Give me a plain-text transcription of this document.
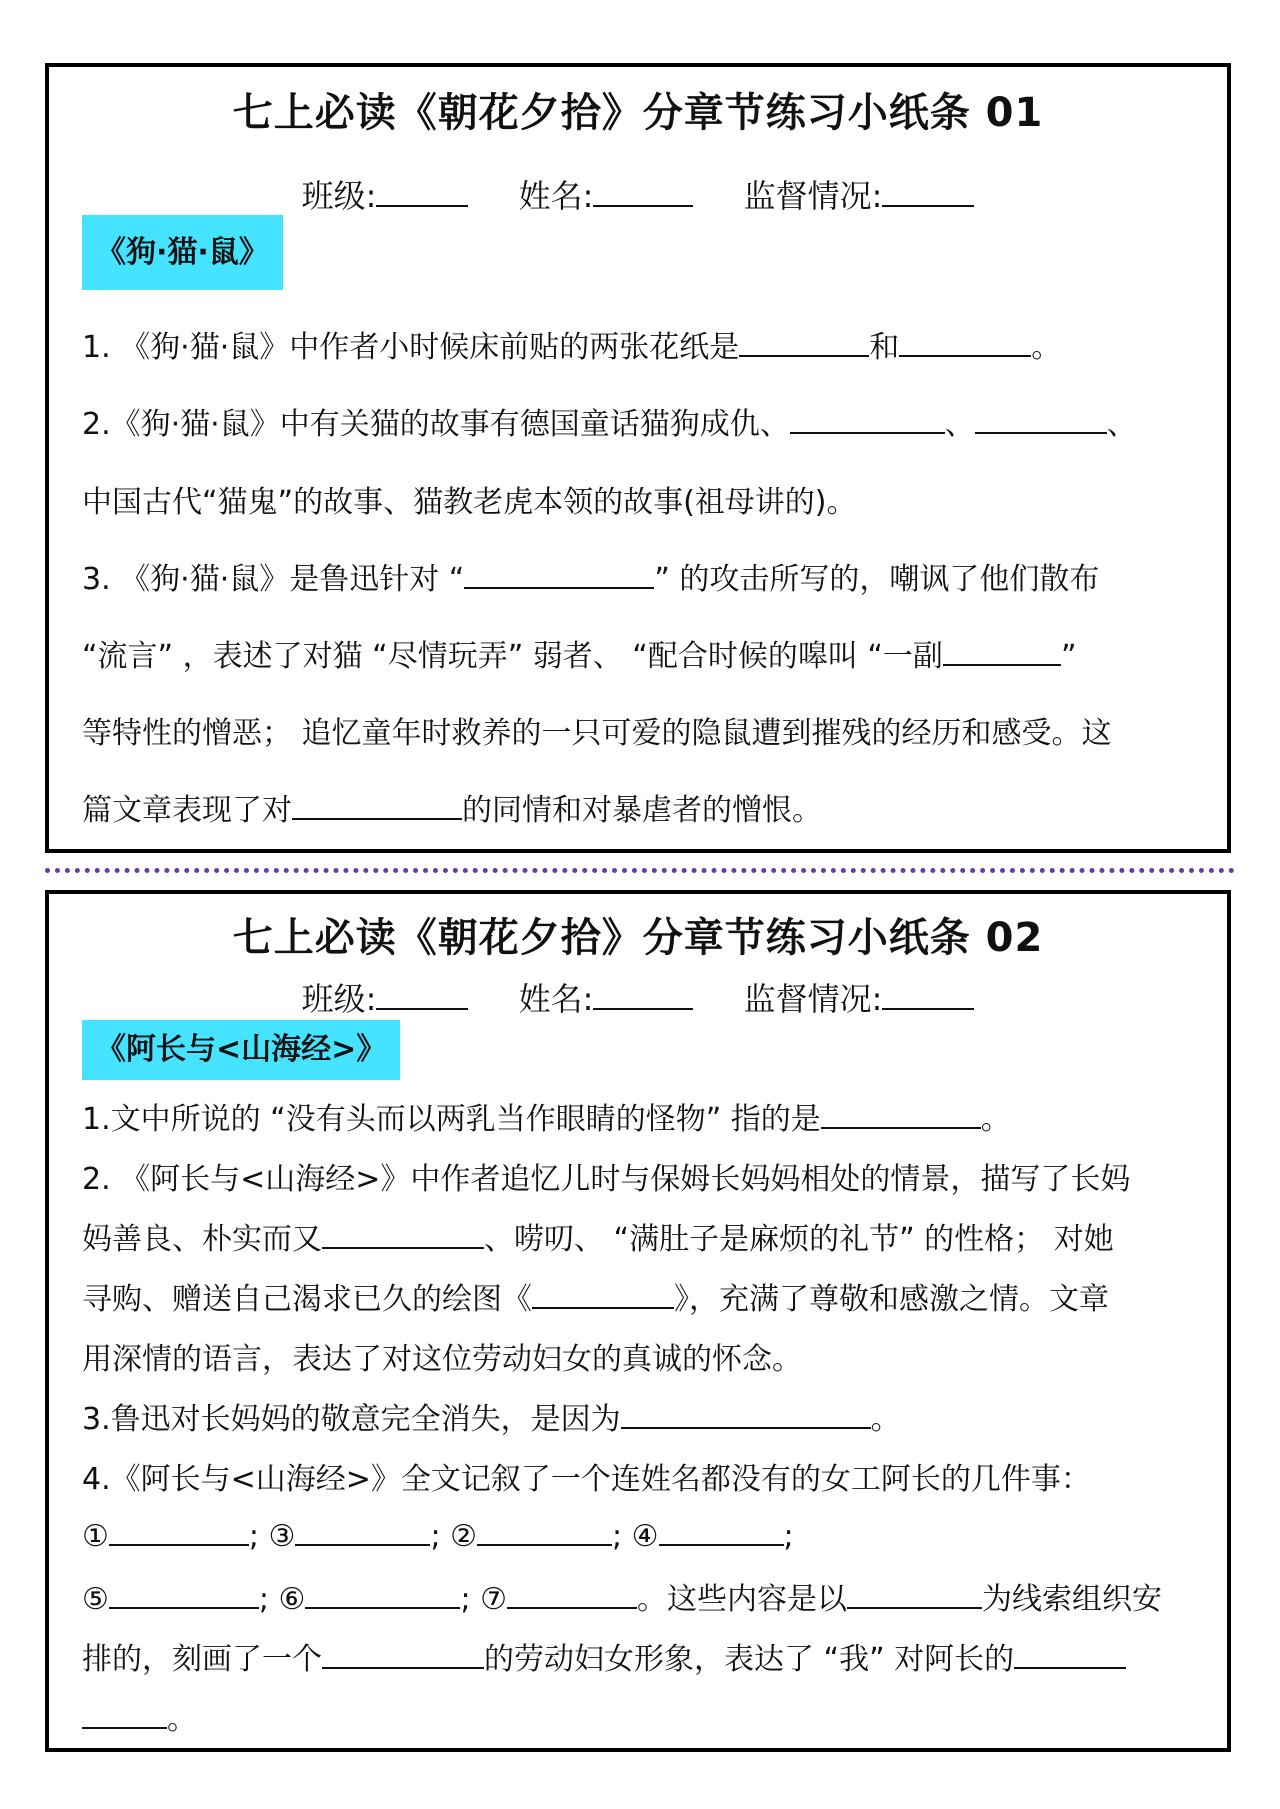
七上必读《朝花夕拾》分章节练习小纸条 01
班级:	姓名:	监督情况:
《狗·猫·鼠》
1. 《狗·猫·鼠》中作者小时候床前贴的两张花纸是	和	。
2.《狗·猫·鼠》中有关猫的故事有德国童话猫狗成仇、	、	、
中国古代“猫鬼”的故事、猫教老虎本领的故事(祖母讲的)。
3. 《狗·猫·鼠》是鲁迅针对 “	” 的攻击所写的，嘲讽了他们散布
“流言” ，表述了对猫 “尽情玩弄” 弱者、 “配合时候的嗥叫 “一副	”
等特性的憎恶； 追忆童年时救养的一只可爱的隐鼠遭到摧残的经历和感受。这
篇文章表现了对	的同情和对暴虐者的憎恨。
七上必读《朝花夕拾》分章节练习小纸条 02
班级:	姓名:	监督情况:
《阿长与<山海经>》
1.文中所说的 “没有头而以两乳当作眼睛的怪物” 指的是	。
2. 《阿长与<山海经>》中作者追忆儿时与保姆长妈妈相处的情景，描写了长妈
妈善良、朴实而又	、唠叨、 “满肚子是麻烦的礼节” 的性格； 对她
寻购、赠送自己渴求已久的绘图《	》，充满了尊敬和感激之情。文章
用深情的语言，表达了对这位劳动妇女的真诚的怀念。
3.鲁迅对长妈妈的敬意完全消失，是因为	。
4.《阿长与<山海经>》全文记叙了一个连姓名都没有的女工阿长的几件事：
①	; ③	; ②	; ④	;
⑤	; ⑥	; ⑦	。这些内容是以	为线索组织安
排的，刻画了一个	的劳动妇女形象，表达了 “我” 对阿长的
。
